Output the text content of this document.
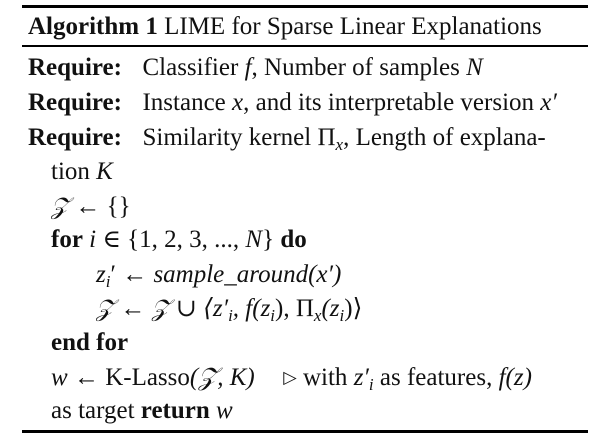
Algorithm 1 LIME for Sparse Linear Explanations
Require: Classifier f, Number of samples N
Require: Instance x, and its interpretable version x′
Require: Similarity kernel $\Pi_x$, Length of explana-
tion K
𝒵 ← {}
for i ∈ {1, 2, 3, ..., N} do
$z_i'$ ← sample_around(x′)
𝒵 ← 𝒵 ∪ $⟨z'_i$, $f(z_i)$, $\Pi_x(z_i)⟩$
end for
w ← K-Lasso(𝒵, K) ▷ with $z'_i$ as features, f(z)
as target return w
